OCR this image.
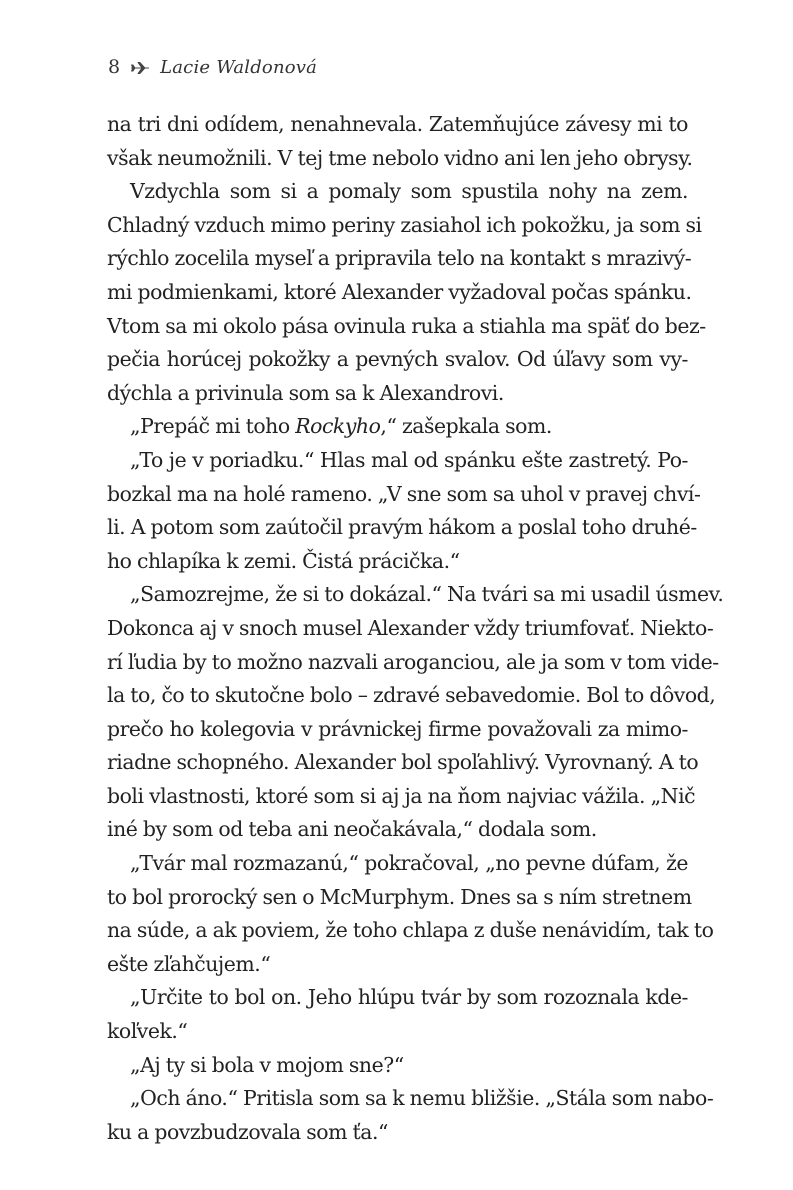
8 Lacie Waldonová
na tri dni odídem, nenahnevala. Zatemňujúce závesy mi to
však neumožnili. V tej tme nebolo vidno ani len jeho obrysy.
Vzdychla som si a pomaly som spustila nohy na zem.
Chladný vzduch mimo periny zasiahol ich pokožku, ja som si
rýchlo zocelila myseľ a pripravila telo na kontakt s mrazivý-
mi podmienkami, ktoré Alexander vyžadoval počas spánku.
Vtom sa mi okolo pása ovinula ruka a stiahla ma späť do bez-
pečia horúcej pokožky a pevných svalov. Od úľavy som vy-
dýchla a privinula som sa k Alexandrovi.
„Prepáč mi toho Rockyho,“ zašepkala som.
„To je v poriadku.“ Hlas mal od spánku ešte zastretý. Po-
bozkal ma na holé rameno. „V sne som sa uhol v pravej chví-
li. A potom som zaútočil pravým hákom a poslal toho druhé-
ho chlapíka k zemi. Čistá prácička.“
„Samozrejme, že si to dokázal.“ Na tvári sa mi usadil úsmev.
Dokonca aj v snoch musel Alexander vždy triumfovať. Niekto-
rí ľudia by to možno nazvali aroganciou, ale ja som v tom vide-
la to, čo to skutočne bolo – zdravé sebavedomie. Bol to dôvod,
prečo ho kolegovia v právnickej firme považovali za mimo-
riadne schopného. Alexander bol spoľahlivý. Vyrovnaný. A to
boli vlastnosti, ktoré som si aj ja na ňom najviac vážila. „Nič
iné by som od teba ani neočakávala,“ dodala som.
„Tvár mal rozmazanú,“ pokračoval, „no pevne dúfam, že
to bol prorocký sen o McMurphym. Dnes sa s ním stretnem
na súde, a ak poviem, že toho chlapa z duše nenávidím, tak to
ešte zľahčujem.“
„Určite to bol on. Jeho hlúpu tvár by som rozoznala kde-
koľvek.“
„Aj ty si bola v mojom sne?“
„Och áno.“ Pritisla som sa k nemu bližšie. „Stála som nabo-
ku a povzbudzovala som ťa.“
